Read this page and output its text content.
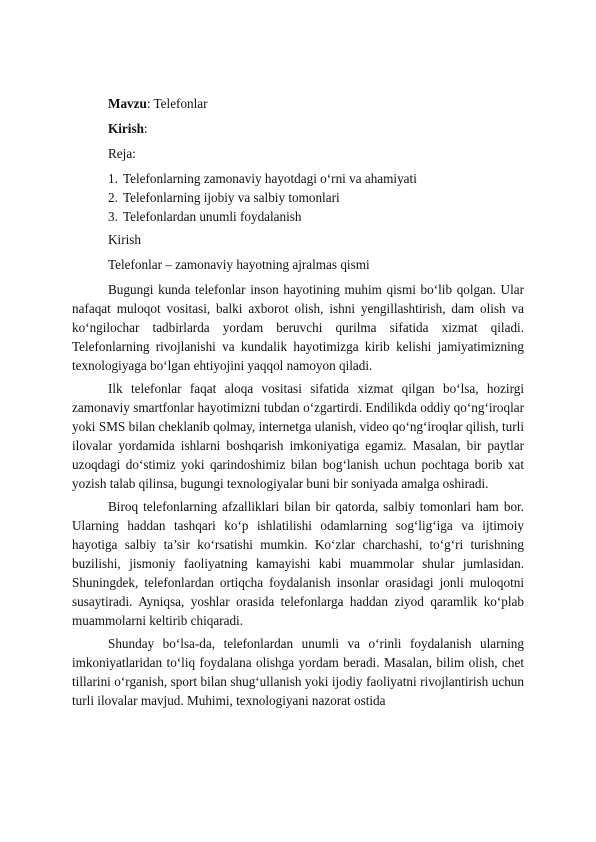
Mavzu: Telefonlar

Kirish:

Reja:

1. Telefonlarning zamonaviy hayotdagi o‘rni va ahamiyati
2. Telefonlarning ijobiy va salbiy tomonlari
3. Telefonlardan unumli foydalanish

Kirish

Telefonlar – zamonaviy hayotning ajralmas qismi

Bugungi kunda telefonlar inson hayotining muhim qismi bo‘lib qolgan. Ular nafaqat muloqot vositasi, balki axborot olish, ishni yengillashtirish, dam olish va ko‘ngilochar tadbirlarda yordam beruvchi qurilma sifatida xizmat qiladi. Telefonlarning rivojlanishi va kundalik hayotimizga kirib kelishi jamiyatimizning texnologiyaga bo‘lgan ehtiyojini yaqqol namoyon qiladi.

Ilk telefonlar faqat aloqa vositasi sifatida xizmat qilgan bo‘lsa, hozirgi zamonaviy smartfonlar hayotimizni tubdan o‘zgartirdi. Endilikda oddiy qo‘ng‘iroqlar yoki SMS bilan cheklanib qolmay, internetga ulanish, video qo‘ng‘iroqlar qilish, turli ilovalar yordamida ishlarni boshqarish imkoniyatiga egamiz. Masalan, bir paytlar uzoqdagi do‘stimiz yoki qarindoshimiz bilan bog‘lanish uchun pochtaga borib xat yozish talab qilinsa, bugungi texnologiyalar buni bir soniyada amalga oshiradi.

Biroq telefonlarning afzalliklari bilan bir qatorda, salbiy tomonlari ham bor. Ularning haddan tashqari ko‘p ishlatilishi odamlarning sog‘lig‘iga va ijtimoiy hayotiga salbiy ta’sir ko‘rsatishi mumkin. Ko‘zlar charchashi, to‘g‘ri turishning buzilishi, jismoniy faoliyatning kamayishi kabi muammolar shular jumlasidan. Shuningdek, telefonlardan ortiqcha foydalanish insonlar orasidagi jonli muloqotni susaytiradi. Ayniqsa, yoshlar orasida telefonlarga haddan ziyod qaramlik ko‘plab muammolarni keltirib chiqaradi.

Shunday bo‘lsa-da, telefonlardan unumli va o‘rinli foydalanish ularning imkoniyatlaridan to‘liq foydalana olishga yordam beradi. Masalan, bilim olish, chet tillarini o‘rganish, sport bilan shug‘ullanish yoki ijodiy faoliyatni rivojlantirish uchun turli ilovalar mavjud. Muhimi, texnologiyani nazorat ostida
